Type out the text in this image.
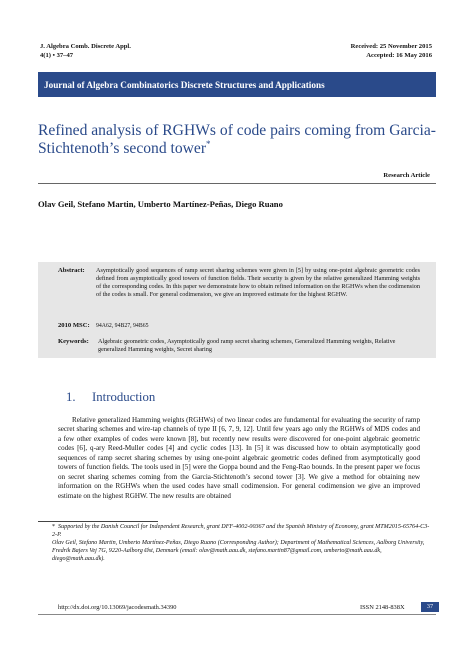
J. Algebra Comb. Discrete Appl.
4(1) • 37–47
Received: 25 November 2015
Accepted: 16 May 2016
Journal of Algebra Combinatorics Discrete Structures and Applications
Refined analysis of RGHWs of code pairs coming from Garcia-Stichtenoth’s second tower*
Research Article
Olav Geil, Stefano Martin, Umberto Martínez-Peñas, Diego Ruano
Abstract: Asymptotically good sequences of ramp secret sharing schemes were given in [5] by using one-point algebraic geometric codes defined from asymptotically good towers of function fields. Their security is given by the relative generalized Hamming weights of the corresponding codes. In this paper we demonstrate how to obtain refined information on the RGHWs when the codimension of the codes is small. For general codimension, we give an improved estimate for the highest RGHW.
2010 MSC: 94A62, 94B27, 94B65
Keywords: Algebraic geometric codes, Asymptotically good ramp secret sharing schemes, Generalized Hamming weights, Relative generalized Hamming weights, Secret sharing
1. Introduction

Relative generalized Hamming weights (RGHWs) of two linear codes are fundamental for evaluating the security of ramp secret sharing schemes and wire-tap channels of type II [6, 7, 9, 12]. Until few years ago only the RGHWs of MDS codes and a few other examples of codes were known [8], but recently new results were discovered for one-point algebraic geometric codes [6], q-ary Reed-Muller codes [4] and cyclic codes [13]. In [5] it was discussed how to obtain asymptotically good sequences of ramp secret sharing schemes by using one-point algebraic geometric codes defined from asymptotically good towers of function fields. The tools used in [5] were the Goppa bound and the Feng-Rao bounds. In the present paper we focus on secret sharing schemes coming from the Garcia-Stichtenoth’s second tower [3]. We give a method for obtaining new information on the RGHWs when the used codes have small codimension. For general codimension we give an improved estimate on the highest RGHW. The new results are obtained

* Supported by the Danish Council for Independent Research, grant DFF-4002-00367 and the Spanish Ministry of Economy, grant MTM2015-65764-C3-2-P.

Olav Geil, Stefano Martin, Umberto Martínez-Peñas, Diego Ruano (Corresponding Author); Department of Mathematical Sciences, Aalborg University, Fredrik Bajers Vej 7G, 9220-Aalborg Øst, Denmark (email: olav@math.aau.dk, stefano.martin87@gmail.com, umberto@math.aau.dk, diego@math.aau.dk).

http://dx.doi.org/10.13069/jacodesmath.34390	ISSN 2148-838X	37
